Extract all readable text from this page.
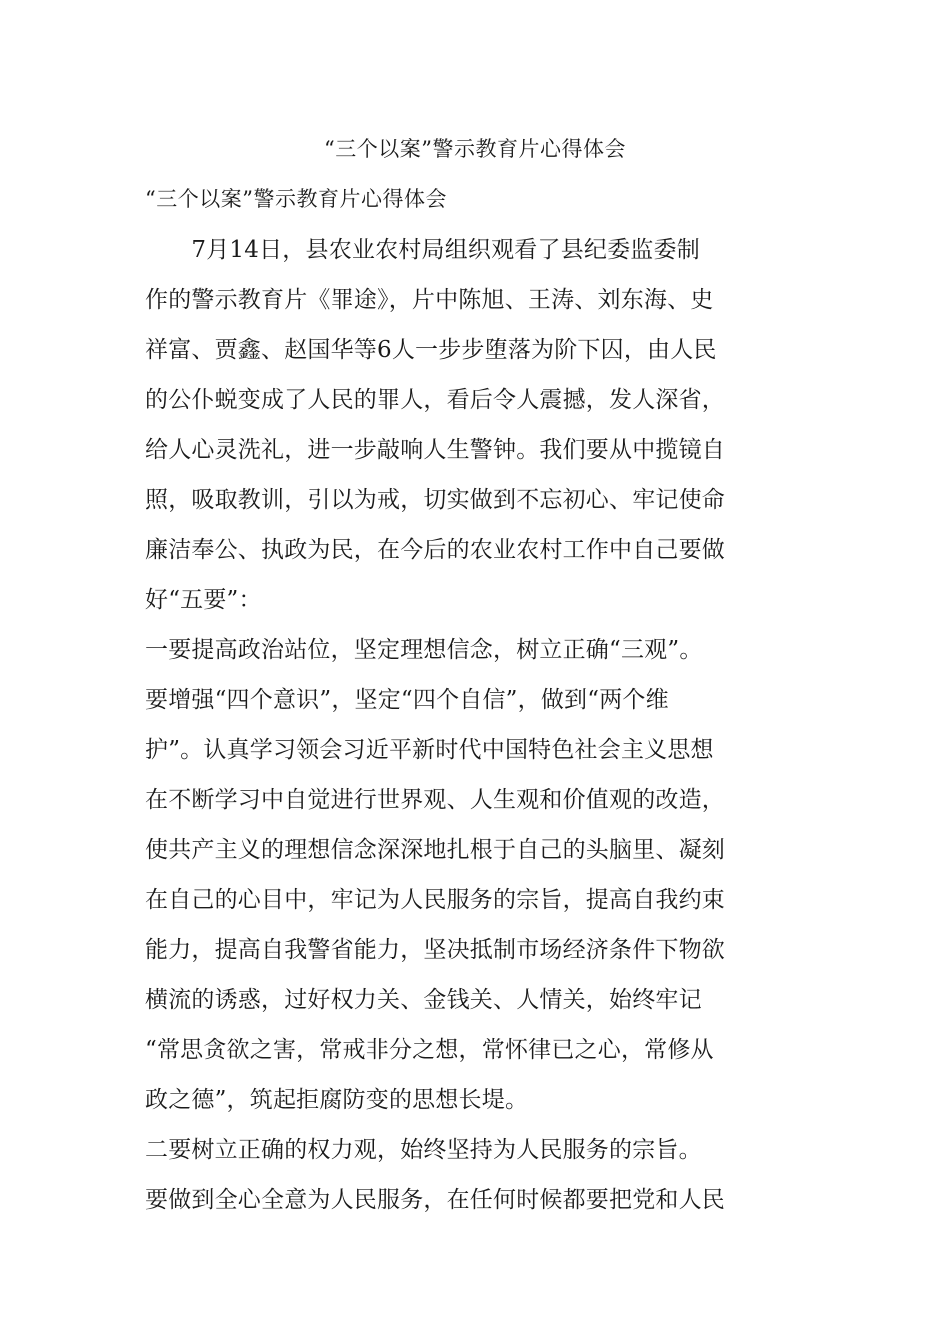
“三个以案”警示教育片心得体会
“三个以案”警示教育片心得体会
　　7月14日，县农业农村局组织观看了县纪委监委制
作的警示教育片《罪途》，片中陈旭、王涛、刘东海、史
祥富、贾鑫、赵国华等6人一步步堕落为阶下囚，由人民
的公仆蜕变成了人民的罪人，看后令人震撼，发人深省，
给人心灵洗礼，进一步敲响人生警钟。我们要从中揽镜自
照，吸取教训，引以为戒，切实做到不忘初心、牢记使命
廉洁奉公、执政为民，在今后的农业农村工作中自己要做
好“五要”：
一要提高政治站位，坚定理想信念，树立正确“三观”。
要增强“四个意识”，坚定“四个自信”，做到“两个维
护”。认真学习领会习近平新时代中国特色社会主义思想
在不断学习中自觉进行世界观、人生观和价值观的改造，
使共产主义的理想信念深深地扎根于自己的头脑里、凝刻
在自己的心目中，牢记为人民服务的宗旨，提高自我约束
能力，提高自我警省能力，坚决抵制市场经济条件下物欲
横流的诱惑，过好权力关、金钱关、人情关，始终牢记
“常思贪欲之害，常戒非分之想，常怀律已之心，常修从
政之德”，筑起拒腐防变的思想长堤。
二要树立正确的权力观，始终坚持为人民服务的宗旨。
要做到全心全意为人民服务，在任何时候都要把党和人民
